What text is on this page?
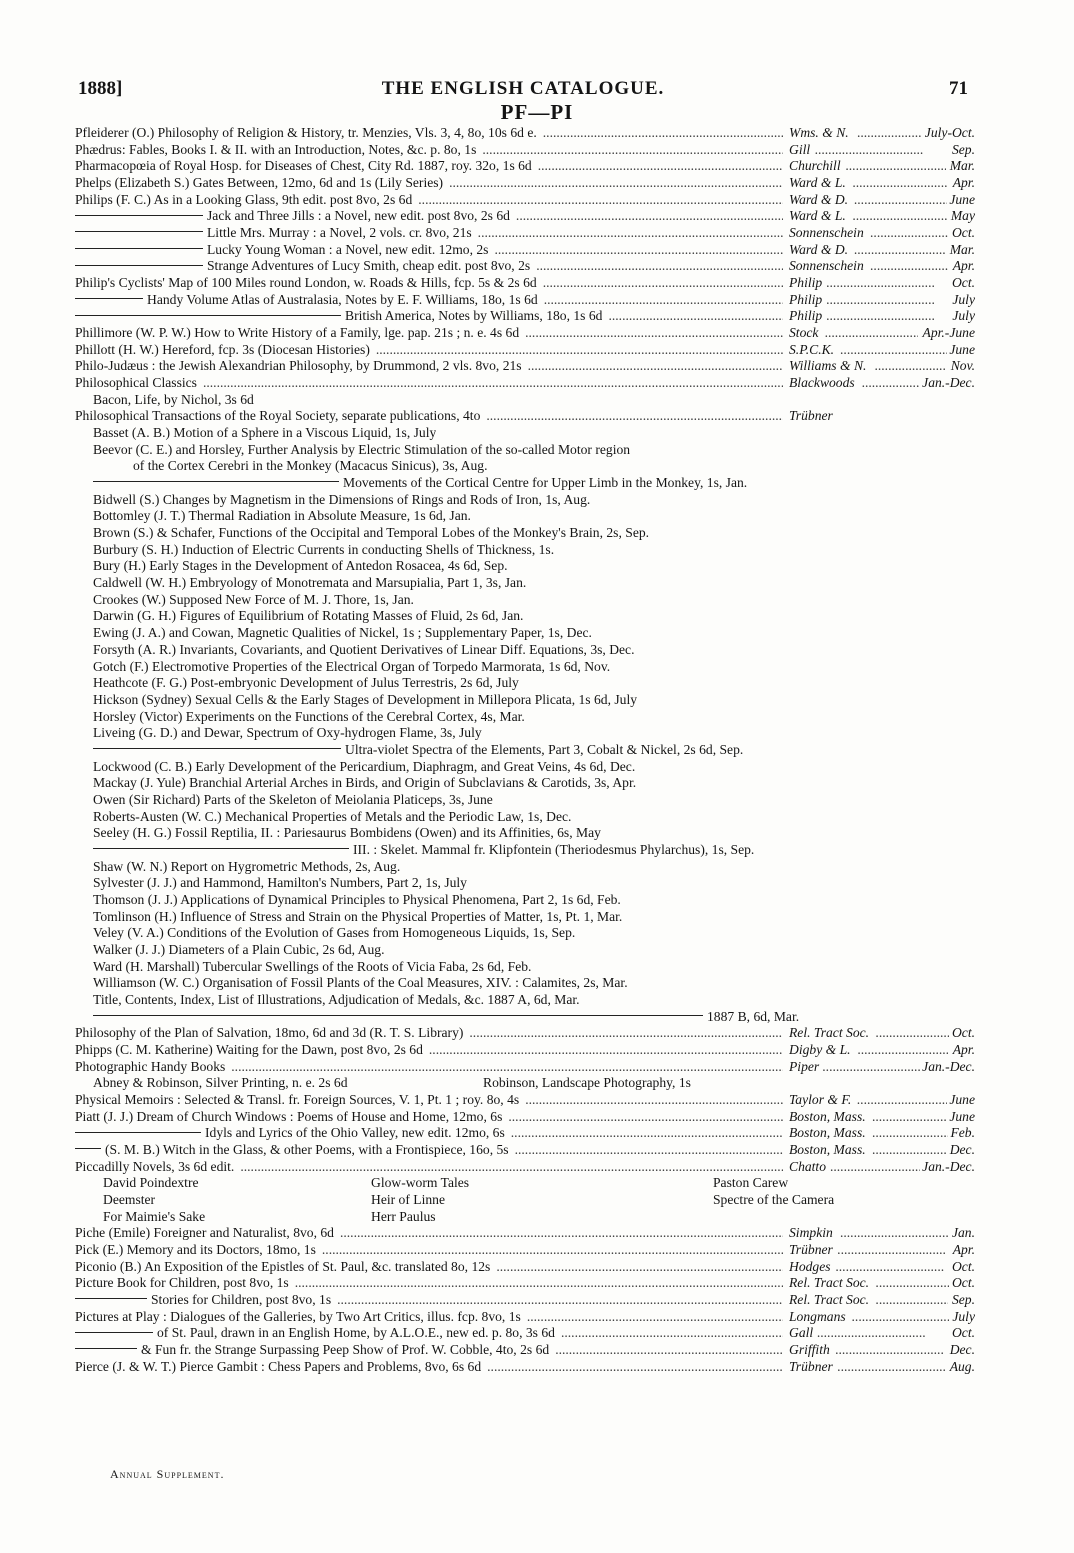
1888]	THE ENGLISH CATALOGUE.	71
PF—PI
Pfleiderer (O.) Philosophy of Religion & History, tr. Menzies, Vls. 3, 4, 8o, 10s 6d e. .....	Wms. & N.	July-Oct.
.....
Phædrus: Fables, Books I. & II. with an Introduction, Notes, &c. p. 8o, 1s .....	Gill	Sep.
.....
Pharmacopœia of Royal Hosp. for Diseases of Chest, City Rd. 1887, roy. 32o, 1s 6d .....	Churchill	Mar.
.....
Phelps (Elizabeth S.) Gates Between, 12mo, 6d and 1s (Lily Series) .....	Ward & L.	Apr.
.....
Philips (F. C.) As in a Looking Glass, 9th edit. post 8vo, 2s 6d .....	Ward & D.	June
.....
Jack and Three Jills : a Novel, new edit. post 8vo, 2s 6d .....	Ward & L.	May
.....
Little Mrs. Murray : a Novel, 2 vols. cr. 8vo, 21s .....	Sonnenschein	Oct.
.....
Lucky Young Woman : a Novel, new edit. 12mo, 2s .....	Ward & D.	Mar.
.....
Strange Adventures of Lucy Smith, cheap edit. post 8vo, 2s .....	Sonnenschein	Apr.
.....
Philip's Cyclists' Map of 100 Miles round London, w. Roads & Hills, fcp. 5s & 2s 6d .....	Philip	Oct.
.....
Handy Volume Atlas of Australasia, Notes by E. F. Williams, 18o, 1s 6d .....	Philip	July
.....
British America, Notes by Williams, 18o, 1s 6d .....	Philip	July
.....
Phillimore (W. P. W.) How to Write History of a Family, lge. pap. 21s ; n. e. 4s 6d .....	Stock	Apr.-June
.....
Phillott (H. W.) Hereford, fcp. 3s (Diocesan Histories) .....	S.P.C.K.	June
.....
Philo-Judæus : the Jewish Alexandrian Philosophy, by Drummond, 2 vls. 8vo, 21s .....	Williams & N.	Nov.
.....
Philosophical Classics .....	Blackwoods	Jan.-Dec.
.....
Bacon, Life, by Nichol, 3s 6d
Philosophical Transactions of the Royal Society, separate publications, 4to .....	Trübner
Basset (A. B.) Motion of a Sphere in a Viscous Liquid, 1s, July
Beevor (C. E.) and Horsley, Further Analysis by Electric Stimulation of the so-called Motor region
of the Cortex Cerebri in the Monkey (Macacus Sinicus), 3s, Aug.
Movements of the Cortical Centre for Upper Limb in the Monkey, 1s, Jan.
Bidwell (S.) Changes by Magnetism in the Dimensions of Rings and Rods of Iron, 1s, Aug.
Bottomley (J. T.) Thermal Radiation in Absolute Measure, 1s 6d, Jan.
Brown (S.) & Schafer, Functions of the Occipital and Temporal Lobes of the Monkey's Brain, 2s, Sep.
Burbury (S. H.) Induction of Electric Currents in conducting Shells of Thickness, 1s.
Bury (H.) Early Stages in the Development of Antedon Rosacea, 4s 6d, Sep.
Caldwell (W. H.) Embryology of Monotremata and Marsupialia, Part 1, 3s, Jan.
Crookes (W.) Supposed New Force of M. J. Thore, 1s, Jan.
Darwin (G. H.) Figures of Equilibrium of Rotating Masses of Fluid, 2s 6d, Jan.
Ewing (J. A.) and Cowan, Magnetic Qualities of Nickel, 1s ; Supplementary Paper, 1s, Dec.
Forsyth (A. R.) Invariants, Covariants, and Quotient Derivatives of Linear Diff. Equations, 3s, Dec.
Gotch (F.) Electromotive Properties of the Electrical Organ of Torpedo Marmorata, 1s 6d, Nov.
Heathcote (F. G.) Post-embryonic Development of Julus Terrestris, 2s 6d, July
Hickson (Sydney) Sexual Cells & the Early Stages of Development in Millepora Plicata, 1s 6d, July
Horsley (Victor) Experiments on the Functions of the Cerebral Cortex, 4s, Mar.
Liveing (G. D.) and Dewar, Spectrum of Oxy-hydrogen Flame, 3s, July
Ultra-violet Spectra of the Elements, Part 3, Cobalt & Nickel, 2s 6d, Sep.
Lockwood (C. B.) Early Development of the Pericardium, Diaphragm, and Great Veins, 4s 6d, Dec.
Mackay (J. Yule) Branchial Arterial Arches in Birds, and Origin of Subclavians & Carotids, 3s, Apr.
Owen (Sir Richard) Parts of the Skeleton of Meiolania Platiceps, 3s, June
Roberts-Austen (W. C.) Mechanical Properties of Metals and the Periodic Law, 1s, Dec.
Seeley (H. G.) Fossil Reptilia, II. : Pariesaurus Bombidens (Owen) and its Affinities, 6s, May
III. : Skelet. Mammal fr. Klipfontein (Theriodesmus Phylarchus), 1s, Sep.
Shaw (W. N.) Report on Hygrometric Methods, 2s, Aug.
Sylvester (J. J.) and Hammond, Hamilton's Numbers, Part 2, 1s, July
Thomson (J. J.) Applications of Dynamical Principles to Physical Phenomena, Part 2, 1s 6d, Feb.
Tomlinson (H.) Influence of Stress and Strain on the Physical Properties of Matter, 1s, Pt. 1, Mar.
Veley (V. A.) Conditions of the Evolution of Gases from Homogeneous Liquids, 1s, Sep.
Walker (J. J.) Diameters of a Plain Cubic, 2s 6d, Aug.
Ward (H. Marshall) Tubercular Swellings of the Roots of Vicia Faba, 2s 6d, Feb.
Williamson (W. C.) Organisation of Fossil Plants of the Coal Measures, XIV. : Calamites, 2s, Mar.
Title, Contents, Index, List of Illustrations, Adjudication of Medals, &c. 1887 A, 6d, Mar.
1887 B, 6d, Mar.
Philosophy of the Plan of Salvation, 18mo, 6d and 3d (R. T. S. Library) .....	Rel. Tract Soc.	Oct.
.....
Phipps (C. M. Katherine) Waiting for the Dawn, post 8vo, 2s 6d .....	Digby & L.	Apr.
.....
Photographic Handy Books .....	Piper	Jan.-Dec.
.....
Abney & Robinson, Silver Printing, n. e. 2s 6d	Robinson, Landscape Photography, 1s
Physical Memoirs : Selected & Transl. fr. Foreign Sources, V. 1, Pt. 1 ; roy. 8o, 4s .....	Taylor & F.	June
.....
Piatt (J. J.) Dream of Church Windows : Poems of House and Home, 12mo, 6s .....	Boston, Mass.	June
.....
Idyls and Lyrics of the Ohio Valley, new edit. 12mo, 6s .....	Boston, Mass.	Feb.
.....
(S. M. B.) Witch in the Glass, & other Poems, with a Frontispiece, 16o, 5s .....	Boston, Mass.	Dec.
.....
Piccadilly Novels, 3s 6d edit. .....	Chatto	Jan.-Dec.
.....
David Poindextre	Glow-worm Tales	Paston Carew
Deemster	Heir of Linne	Spectre of the Camera
For Maimie's Sake	Herr Paulus
Piche (Emile) Foreigner and Naturalist, 8vo, 6d .....	Simpkin	Jan.
.....
Pick (E.) Memory and its Doctors, 18mo, 1s .....	Trübner	Apr.
.....
Piconio (B.) An Exposition of the Epistles of St. Paul, &c. translated 8o, 12s .....	Hodges	Oct.
.....
Picture Book for Children, post 8vo, 1s .....	Rel. Tract Soc.	Oct.
.....
Stories for Children, post 8vo, 1s .....	Rel. Tract Soc.	Sep.
.....
Pictures at Play : Dialogues of the Galleries, by Two Art Critics, illus. fcp. 8vo, 1s .....	Longmans	July
.....
of St. Paul, drawn in an English Home, by A.L.O.E., new ed. p. 8o, 3s 6d .....	Gall	Oct.
.....
& Fun fr. the Strange Surpassing Peep Show of Prof. W. Cobble, 4to, 2s 6d .....	Griffith	Dec.
.....
Pierce (J. & W. T.) Pierce Gambit : Chess Papers and Problems, 8vo, 6s 6d .....	Trübner	Aug.
.....
Annual Supplement.
